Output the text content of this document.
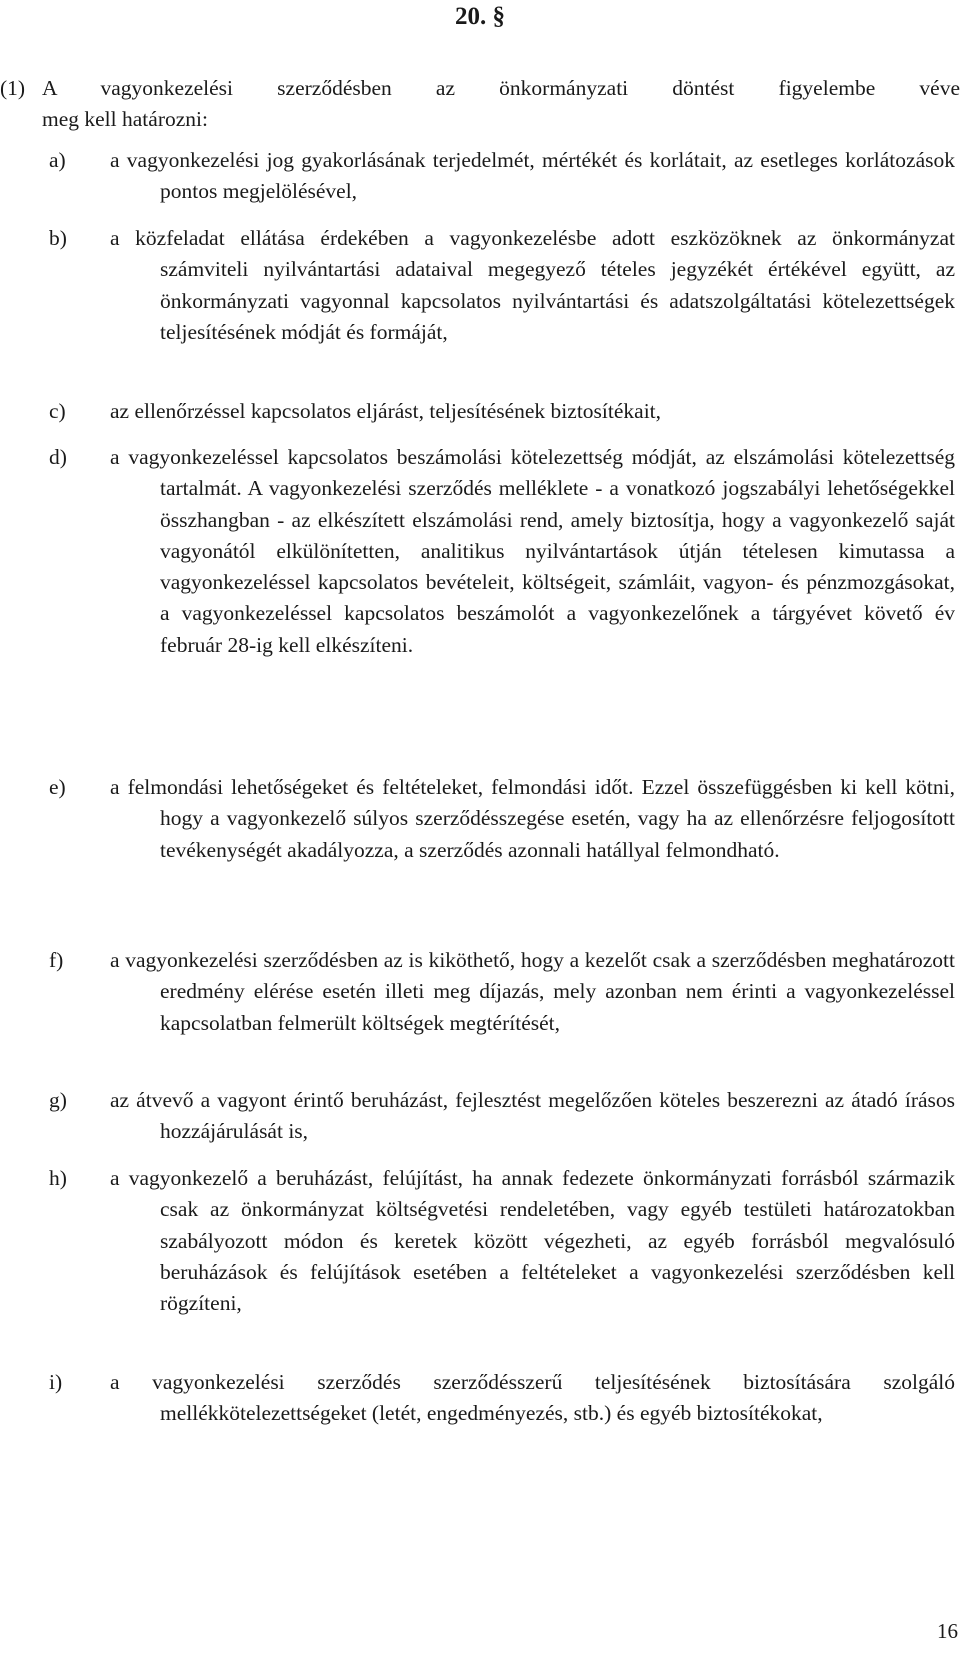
20. §
(1) A vagyonkezelési szerződésben az önkormányzati döntést figyelembe véve
meg kell határozni:
a) a vagyonkezelési jog gyakorlásának terjedelmét, mértékét és korlátait, az esetleges korlátozások pontos megjelölésével,
b) a közfeladat ellátása érdekében a vagyonkezelésbe adott eszközöknek az önkormányzat számviteli nyilvántartási adataival megegyező tételes jegyzékét értékével együtt, az önkormányzati vagyonnal kapcsolatos nyilvántartási és adatszolgáltatási kötelezettségek teljesítésének módját és formáját,
c) az ellenőrzéssel kapcsolatos eljárást, teljesítésének biztosítékait,
d) a vagyonkezeléssel kapcsolatos beszámolási kötelezettség módját, az elszámolási kötelezettség tartalmát. A vagyonkezelési szerződés melléklete - a vonatkozó jogszabályi lehetőségekkel összhangban - az elkészített elszámolási rend, amely biztosítja, hogy a vagyonkezelő saját vagyonától elkülönítetten, analitikus nyilvántartások útján tételesen kimutassa a vagyonkezeléssel kapcsolatos bevételeit, költségeit, számláit, vagyon- és pénzmozgásokat, a vagyonkezeléssel kapcsolatos beszámolót a vagyonkezelőnek a tárgyévet követő év február 28-ig kell elkészíteni.
e) a felmondási lehetőségeket és feltételeket, felmondási időt. Ezzel összefüggésben ki kell kötni, hogy a vagyonkezelő súlyos szerződésszegése esetén, vagy ha az ellenőrzésre feljogosított tevékenységét akadályozza, a szerződés azonnali hatállyal felmondható.
f) a vagyonkezelési szerződésben az is kiköthető, hogy a kezelőt csak a szerződésben meghatározott eredmény elérése esetén illeti meg díjazás, mely azonban nem érinti a vagyonkezeléssel kapcsolatban felmerült költségek megtérítését,
g) az átvevő a vagyont érintő beruházást, fejlesztést megelőzően köteles beszerezni az átadó írásos hozzájárulását is,
h) a vagyonkezelő a beruházást, felújítást, ha annak fedezete önkormányzati forrásból származik csak az önkormányzat költségvetési rendeletében, vagy egyéb testületi határozatokban szabályozott módon és keretek között végezheti, az egyéb forrásból megvalósuló beruházások és felújítások esetében a feltételeket a vagyonkezelési szerződésben kell rögzíteni,
i) a vagyonkezelési szerződés szerződésszerű teljesítésének biztosítására szolgáló mellékkötelezettségeket (letét, engedményezés, stb.) és egyéb biztosítékokat,
16
